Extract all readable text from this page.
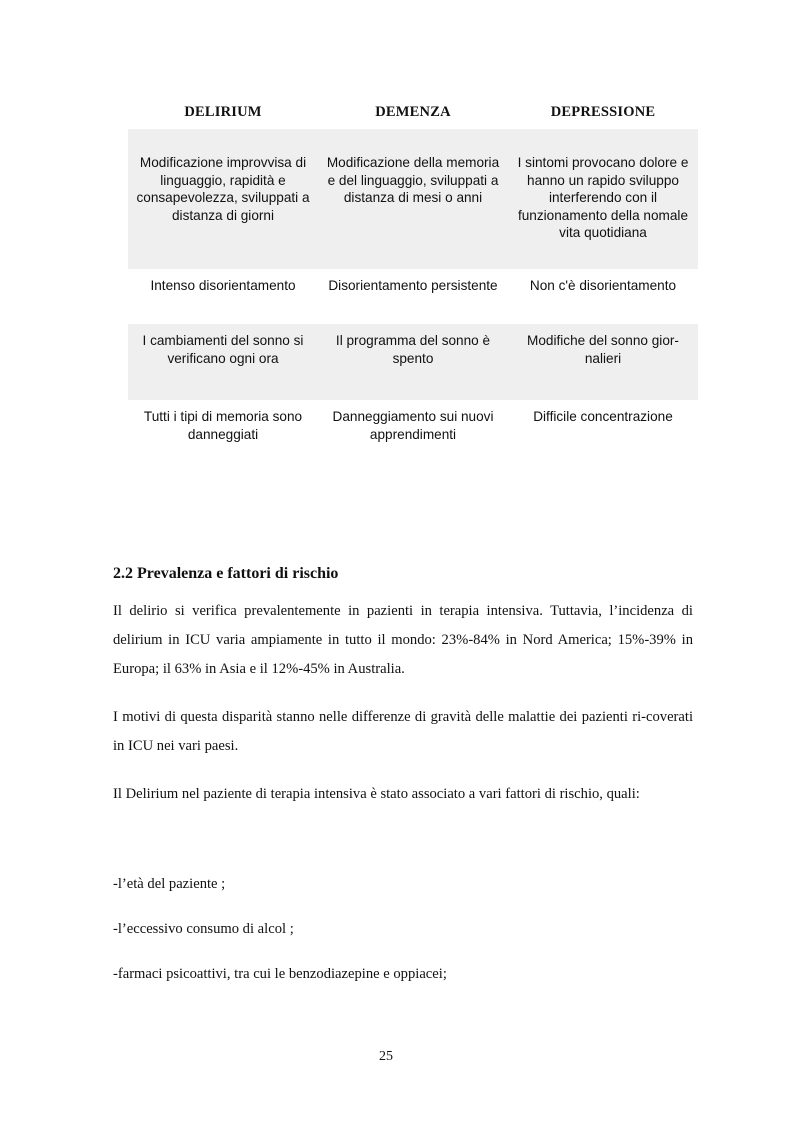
DELIRIUM	DEMENZA	DEPRESSIONE
Modificazione improvvisa di linguaggio, rapidità e consapevolezza, sviluppati a distanza di giorni	Modificazione della memoria e del linguaggio, sviluppati a distanza di mesi o anni	I sintomi provocano dolore e hanno un rapido sviluppo interferendo con il funzionamento della nomale vita quotidiana
Intenso disorientamento	Disorientamento persistente	Non c'è disorientamento
I cambiamenti del sonno si verificano ogni ora	Il programma del sonno è spento	Modifiche del sonno gior-nalieri
Tutti i tipi di memoria sono danneggiati	Danneggiamento sui nuovi apprendimenti	Difficile concentrazione
2.2 Prevalenza e fattori di rischio
Il delirio si verifica prevalentemente in pazienti in terapia intensiva. Tuttavia, l’incidenza di delirium in ICU varia ampiamente in tutto il mondo: 23%-84% in Nord America; 15%-39% in Europa; il 63% in Asia e il 12%-45% in Australia.
I motivi di questa disparità stanno nelle differenze di gravità delle malattie dei pazienti ri-coverati in ICU nei vari paesi.
Il Delirium nel paziente di terapia intensiva è stato associato a vari fattori di rischio, quali:
-l’età del paziente ;
-l’eccessivo consumo di alcol ;
-farmaci psicoattivi, tra cui le benzodiazepine e oppiacei;
25
